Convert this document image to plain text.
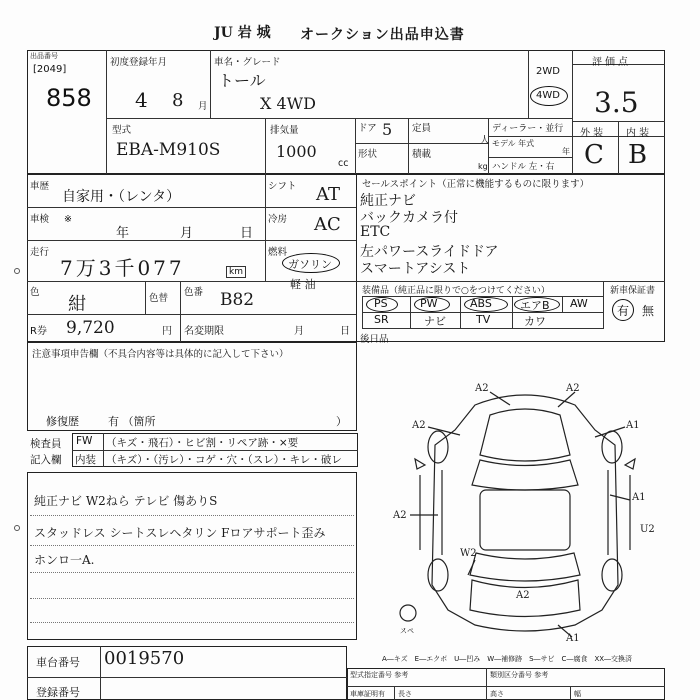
JU 岩 城 オークション出品申込書
出品番号
[2049]
858
初度登録年月
4 8 月
車名・グレード
トール
X 4WD
2WD
4WD
評価点
3.5
外 装 内 装
C B
型式
EBA-M910S
排気量
1000
cc
ドア 5
形状
定員
人
積載
kg
ディーラー・並行
モデル 年式
年
ハンドル 左・右
車歴
自家用・（レンタ）
シフト AT
車検 ※
年	月	日
冷房 AC
走行
7万3千077	km
燃料
ガソリン
軽 油
色
紺	色替
色番 B82
R券 9,720	円 名変期限	月	日
セールスポイント（正常に機能するものに限ります）
純正ナビ
バックカメラ付
ETC
左パワースライドドア
スマートアシスト
装備品（純正品に限りで○をつけてください）	新車保証書
有 無
PS	PW	ABS	エアB AW
SR	ナビ	TV	カワ
後日品
注意事項申告欄（不具合内容等は具体的に記入して下さい）
修復歴	有 （箇所	）
検査員
記入欄
FW （キズ・飛石）・ヒビ割・リペア跡・×要
内装 （キズ）・（汚レ）・コゲ・穴・（スレ）・キレ・破レ
純正ナビ W2ねら テレビ 傷ありS
スタッドレス シートスレヘタリン Fロアサポート歪み
ホンロ一A.
A2	A2
A2	A1
A2
A1
U2
W2
A2
A1
スペ
A―キズ　E―エクボ　U―凹み　W―補修跡　S―サビ　C―腐食　XX―交換済
車台番号 0019570
登録番号
型式指定番号 参考	類別区分番号 参考
車庫証明有 長さ	高さ	幅
